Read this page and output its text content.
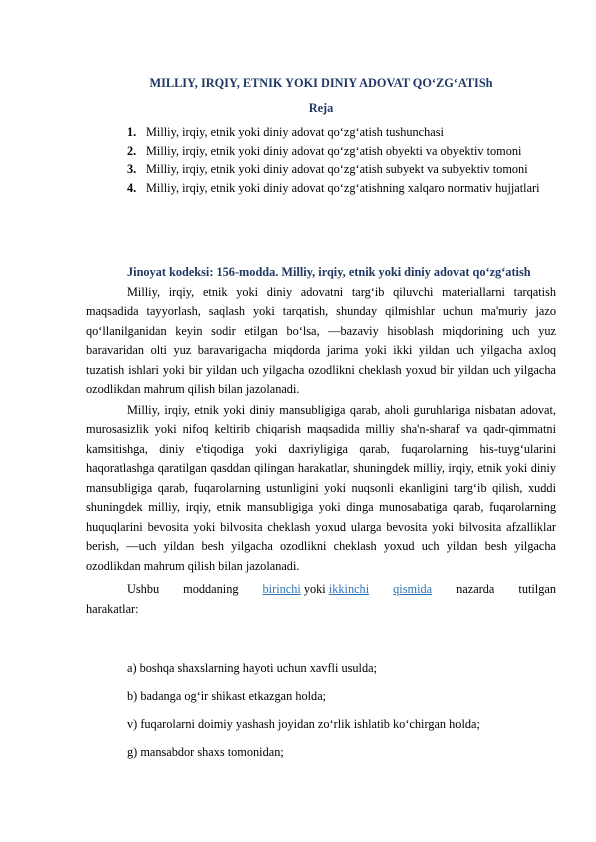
MILLIY, IRQIY, ETNIK YOKI DINIY ADOVAT QO‘ZG‘ATISh
Reja
1. Milliy, irqiy, etnik yoki diniy adovat qo‘zg‘atish tushunchasi
2. Milliy, irqiy, etnik yoki diniy adovat qo‘zg‘atish obyekti va obyektiv tomoni
3. Milliy, irqiy, etnik yoki diniy adovat qo‘zg‘atish subyekt va subyektiv tomoni
4. Milliy, irqiy, etnik yoki diniy adovat qo‘zg‘atishning xalqaro normativ hujjatlari

Jinoyat kodeksi: 156-modda. Milliy, irqiy, etnik yoki diniy adovat qo‘zg‘atish

Milliy, irqiy, etnik yoki diniy adovatni targ‘ib qiluvchi materiallarni tarqatish maqsadida tayyorlash, saqlash yoki tarqatish, shunday qilmishlar uchun ma'muriy jazo qo‘llanilganidan keyin sodir etilgan bo‘lsa, —bazaviy hisoblash miqdorining uch yuz baravaridan olti yuz baravarigacha miqdorda jarima yoki ikki yildan uch yilgacha axloq tuzatish ishlari yoki bir yildan uch yilgacha ozodlikni cheklash yoxud bir yildan uch yilgacha ozodlikdan mahrum qilish bilan jazolanadi.

Milliy, irqiy, etnik yoki diniy mansubligiga qarab, aholi guruhlariga nisbatan adovat, murosasizlik yoki nifoq keltirib chiqarish maqsadida milliy sha'n-sharaf va qadr-qimmatni kamsitishga, diniy e'tiqodiga yoki daxriyligiga qarab, fuqarolarning his-tuyg‘ularini haqoratlashga qaratilgan qasddan qilingan harakatlar, shuningdek milliy, irqiy, etnik yoki diniy mansubligiga qarab, fuqarolarning ustunligini yoki nuqsonli ekanligini targ‘ib qilish, xuddi shuningdek milliy, irqiy, etnik mansubligiga yoki dinga munosabatiga qarab, fuqarolarning huquqlarini bevosita yoki bilvosita cheklash yoxud ularga bevosita yoki bilvosita afzalliklar berish, —uch yildan besh yilgacha ozodlikni cheklash yoxud uch yildan besh yilgacha ozodlikdan mahrum qilish bilan jazolanadi.

Ushbu moddaning birinchi yoki ikkinchi qismida nazarda tutilgan

harakatlar:

a) boshqa shaxslarning hayoti uchun xavfli usulda;
b) badanga og‘ir shikast etkazgan holda;
v) fuqarolarni doimiy yashash joyidan zo‘rlik ishlatib ko‘chirgan holda;
g) mansabdor shaxs tomonidan;
